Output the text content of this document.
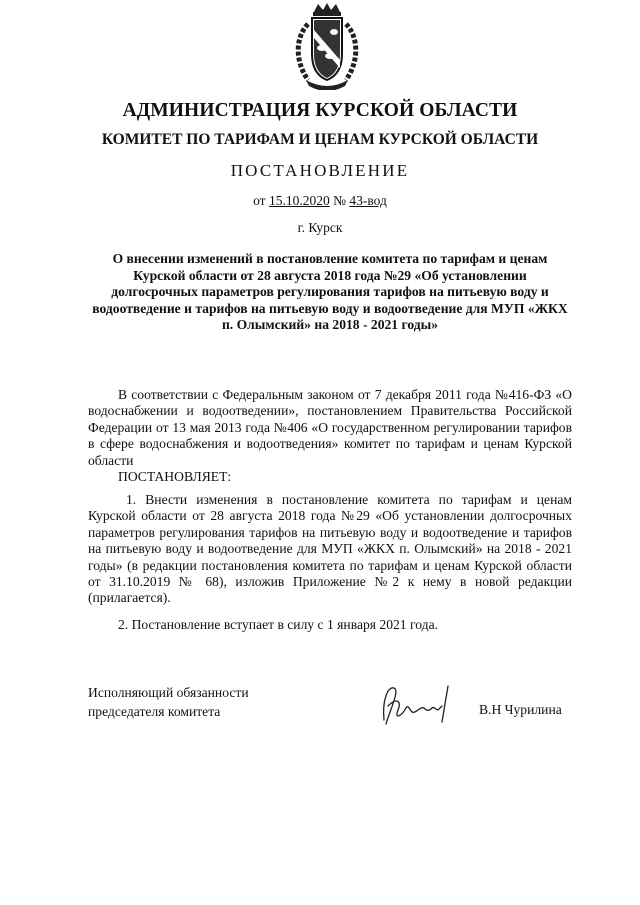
АДМИНИСТРАЦИЯ КУРСКОЙ ОБЛАСТИ
КОМИТЕТ ПО ТАРИФАМ И ЦЕНАМ КУРСКОЙ ОБЛАСТИ
ПОСТАНОВЛЕНИЕ
от 15.10.2020 № 43-вод
г. Курск
О внесении изменений в постановление комитета по тарифам и ценам Курской области от 28 августа 2018 года №29 «Об установлении долгосрочных параметров регулирования тарифов на питьевую воду и водоотведение и тарифов на питьевую воду и водоотведение для МУП «ЖКХ п. Олымский» на 2018 - 2021 годы»
В соответствии с Федеральным законом от 7 декабря 2011 года №416-ФЗ «О водоснабжении и водоотведении», постановлением Правительства Российской Федерации от 13 мая 2013 года №406 «О государственном регулировании тарифов в сфере водоснабжения и водоотведения» комитет по тарифам и ценам Курской области
ПОСТАНОВЛЯЕТ:
1. Внести изменения в постановление комитета по тарифам и ценам Курской области от 28 августа 2018 года №29 «Об установлении долгосрочных параметров регулирования тарифов на питьевую воду и водоотведение и тарифов на питьевую воду и водоотведение для МУП «ЖКХ п. Олымский» на 2018 - 2021 годы» (в редакции постановления комитета по тарифам и ценам Курской области от 31.10.2019 № 68), изложив Приложение №2 к нему в новой редакции (прилагается).
2. Постановление вступает в силу с 1 января 2021 года.
Исполняющий обязанности
председателя комитета	В.Н Чурилина
